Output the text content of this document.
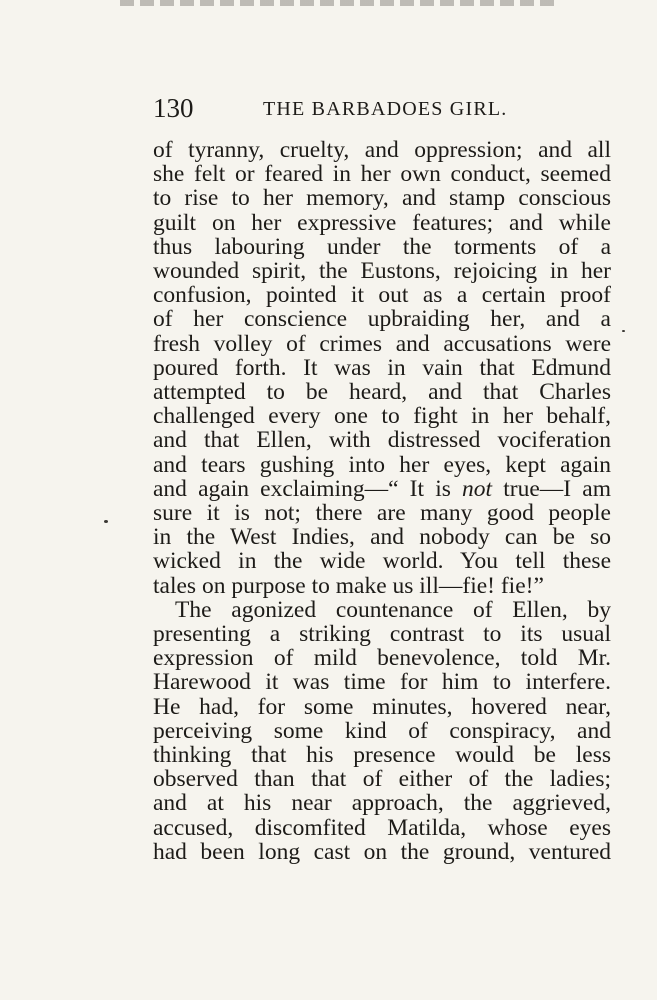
130	THE BARBADOES GIRL.
of tyranny, cruelty, and oppression; and all
she felt or feared in her own conduct, seemed
to rise to her memory, and stamp conscious
guilt on her expressive features; and while
thus labouring under the torments of a
wounded spirit, the Eustons, rejoicing in her
confusion, pointed it out as a certain proof
of her conscience upbraiding her, and a
fresh volley of crimes and accusations were
poured forth. It was in vain that Edmund
attempted to be heard, and that Charles
challenged every one to fight in her behalf,
and that Ellen, with distressed vociferation
and tears gushing into her eyes, kept again
and again exclaiming—“ It is not true—I am
sure it is not; there are many good people
in the West Indies, and nobody can be so
wicked in the wide world. You tell these
tales on purpose to make us ill—fie! fie!”
The agonized countenance of Ellen, by
presenting a striking contrast to its usual
expression of mild benevolence, told Mr.
Harewood it was time for him to interfere.
He had, for some minutes, hovered near,
perceiving some kind of conspiracy, and
thinking that his presence would be less
observed than that of either of the ladies;
and at his near approach, the aggrieved,
accused, discomfited Matilda, whose eyes
had been long cast on the ground, ventured
